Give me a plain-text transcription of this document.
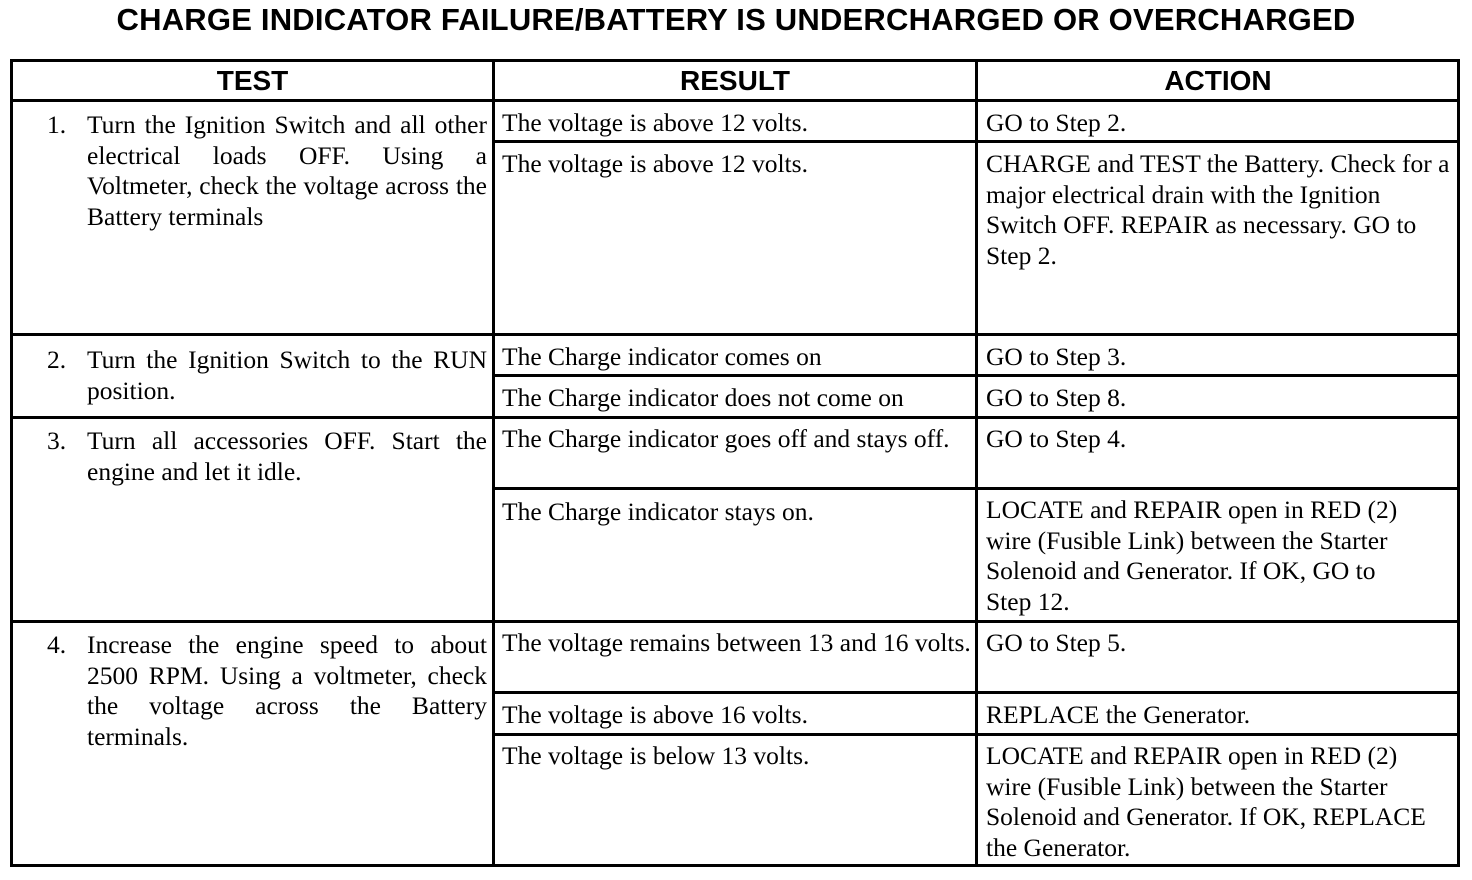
CHARGE INDICATOR FAILURE/BATTERY IS UNDERCHARGED OR OVERCHARGED
TEST	RESULT	ACTION
1. Turn the Ignition Switch and all other electrical loads OFF. Using a Voltmeter, check the voltage across the Battery terminals
The voltage is above 12 volts.	GO to Step 2.
The voltage is above 12 volts.	CHARGE and TEST the Battery. Check for a major electrical drain with the Ignition Switch OFF. REPAIR as necessary. GO to Step 2.
2. Turn the Ignition Switch to the RUN position.
The Charge indicator comes on	GO to Step 3.
The Charge indicator does not come on	GO to Step 8.
3. Turn all accessories OFF. Start the engine and let it idle.
The Charge indicator goes off and stays off.	GO to Step 4.
The Charge indicator stays on.	LOCATE and REPAIR open in RED (2) wire (Fusible Link) between the Starter Solenoid and Generator. If OK, GO to Step 12.
4. Increase the engine speed to about 2500 RPM. Using a voltmeter, check the voltage across the Battery terminals.
The voltage remains between 13 and 16 volts. GO to Step 5.
The voltage is above 16 volts.	REPLACE the Generator.
The voltage is below 13 volts.	LOCATE and REPAIR open in RED (2) wire (Fusible Link) between the Starter Solenoid and Generator. If OK, REPLACE the Generator.
